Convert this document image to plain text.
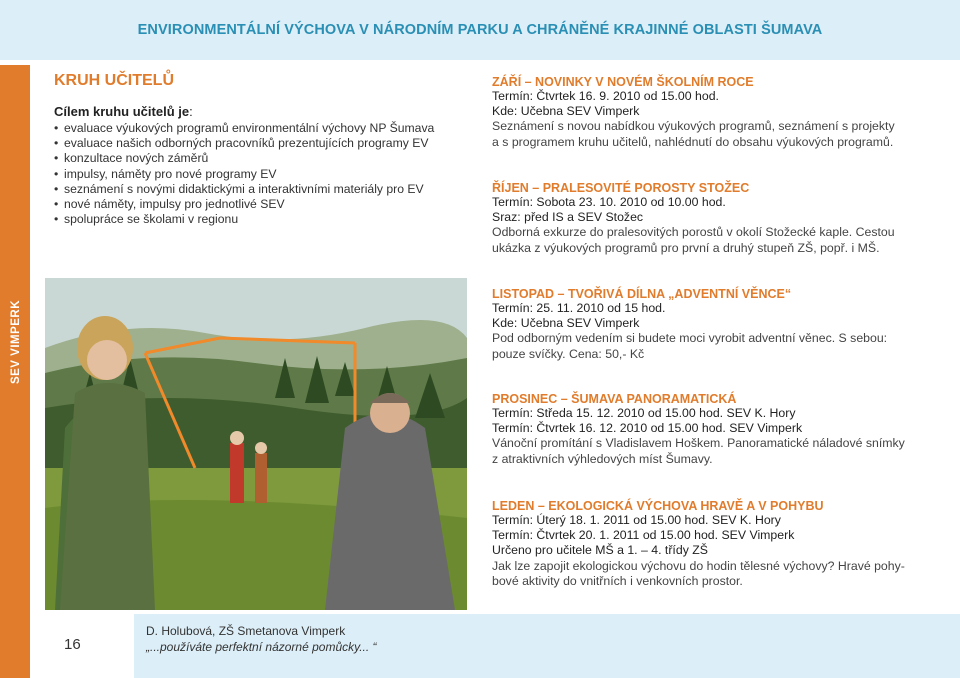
ENVIRONMENTÁLNÍ VÝCHOVA V NÁRODNÍM PARKU A CHRÁNĚNÉ KRAJINNÉ OBLASTI ŠUMAVA
SEV VIMPERK
KRUH UČITELŮ
Cílem kruhu učitelů je:
• evaluace výukových programů environmentální výchovy NP Šumava
• evaluace našich odborných pracovníků prezentujících programy EV
• konzultace nových záměrů
• impulsy, náměty pro nové programy EV
• seznámení s novými didaktickými a interaktivními materiály pro EV
• nové náměty, impulsy pro jednotlivé SEV
• spolupráce se školami v regionu
ZÁŘÍ – NOVINKY V NOVÉM ŠKOLNÍM ROCE
Termín: Čtvrtek 16. 9. 2010 od 15.00 hod.
Kde: Učebna SEV Vimperk
Seznámení s novou nabídkou výukových programů, seznámení s projekty
a s programem kruhu učitelů, nahlédnutí do obsahu výukových programů.
ŘÍJEN – PRALESOVITÉ POROSTY STOŽEC
Termín: Sobota 23. 10. 2010 od 10.00 hod.
Sraz: před IS a SEV Stožec
Odborná exkurze do pralesovitých porostů v okolí Stožecké kaple. Cestou
ukázka z výukových programů pro první a druhý stupeň ZŠ, popř. i MŠ.
LISTOPAD – TVOŘIVÁ DÍLNA „ADVENTNÍ VĚNCE“
Termín: 25. 11. 2010 od 15 hod.
Kde: Učebna SEV Vimperk
Pod odborným vedením si budete moci vyrobit adventní věnec. S sebou:
pouze svíčky. Cena: 50,- Kč
PROSINEC – ŠUMAVA PANORAMATICKÁ
Termín: Středa 15. 12. 2010 od 15.00 hod. SEV K. Hory
Termín: Čtvrtek 16. 12. 2010 od 15.00 hod. SEV Vimperk
Vánoční promítání s Vladislavem Hoškem. Panoramatické náladové snímky
z atraktivních výhledových míst Šumavy.
LEDEN – EKOLOGICKÁ VÝCHOVA HRAVĚ A V POHYBU
Termín: Úterý 18. 1. 2011 od 15.00 hod. SEV K. Hory
Termín: Čtvrtek 20. 1. 2011 od 15.00 hod. SEV Vimperk
Určeno pro učitele MŠ a 1. – 4. třídy ZŠ
Jak lze zapojit ekologickou výchovu do hodin tělesné výchovy? Hravé pohy-
bové aktivity do vnitřních i venkovních prostor.
16
D. Holubová, ZŠ Smetanova Vimperk
„...používáte perfektní názorné pomůcky... “
